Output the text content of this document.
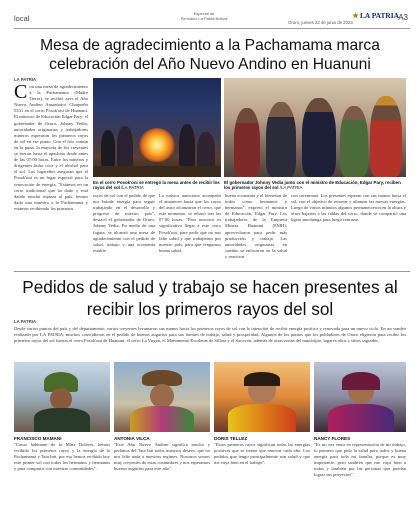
local
Especial de
Periódico La Patria Bolivia
Oruro, jueves 22 de junio de 2023
LA PATRIA A3
Mesa de agradecimiento a la Pachamama marca celebración del Año Nuevo Andino en Huanuni
LA PATRIA
Con una mesa de agradecimiento a la Pachamama (Madre Tierra), se recibió ayer el Año Nuevo Andino Amazónico Chaqueño 5531 en el cerro Posok'oni de Huanuni. El ministro de Educación Edgar Pary; el gobernador de Oruro, Johnny Vedia; autoridades originarias y trabajadores mineros esperaron los primeros rayos de sol en ese punto. Con el frío común en la puna, la mayoría de los creyentes se fueron hasta el apacheta desde antes de las 07:00 horas. Entre los mineros y dirigentes hubo coca y el alcohol para el sol. Los lugareños aseguran que el Posok'oni es un lugar especial para la renovación de energía. "Estamos en un cerro tradicional que ha dado y está dando mucha riqueza al país, hemos dado una muestra a la Pachamama y estamos recibiendo los primeros
En el cerro Posok'oni se entregó la mesa antes de recibir los rayos del sol /LA PATRIA
El gobernador Johnny Vedia junto con el ministro de Educación, Edgar Pary, reciben los primeros rayos del sol /LA PATRIA
rayos de sol con el pedido de que nos brinde energía para seguir trabajando en el desarrollo y progreso de nuestro país", destacó el gobernador de Oruro, Johnny Vedia. En medio de una fogata, se alcanzó una mesa de agradecimiento con el pedido de salud, trabajo y una economía estable.
La música autóctona acompañó el amanecer hasta que los rayos del astro alcanzaron el cerro, que este momento, se rebasó tras las 07:00 horas. "Para nosotros es significativo llegar a este cerro Posok'oni, para pedir que no nos falte salud y que trabajemos por nuestro país, para que tengamos buena salud,
buena economía y el bienestar de todos como hermanos y hermanas", expresó el ministro de Educación, Edgar Pary. Los trabajadores de la Empresa Minera Huanuni (EMH), aprovecharon para pedir más producción y trabajo. Las autoridades originarias en cambio se enfocaron en la salud y reactivar
con ceremonia. Los presentes esperan con sus manos hacia el sol, con el objetivo de renovar y afianzar las nuevas energías. Luego de varios minutos algunos permanecieron en la altura y otros bajaron a las faldas del cerro, donde se compartió una ligera muchanga para luego retirarse.
Pedidos de salud y trabajo se hacen presentes al recibir los primeros rayos del sol
LA PATRIA
Desde varios puntos del país y del departamento, varios creyentes levantaron sus manos hacia los primeros rayos de sol con la intención de recibir energía positiva y renovada para un nuevo ciclo. En un sondeo realizado por LA PATRIA, muchos coincidieron en el pedido de buenos augurios para sus fuentes de trabajo, salud y prosperidad. Algunos de los puntos que los pobladores de Oruro eligieron para recibir los primeros rayos del sol fueron el cerro Posok'oni de Huanuni, el cerro La Virgen, el Monumento Escaleras de Sillota y el Socavón, además de otras zonas del municipio, lugares altos y sitios sagrados.
FRANCISCO MAMANI
"Como habitante de la Mina Dolores, hemos recibido los primeros rayos y la energía de la Pachamama y Tata Inti, por eso hemos recibido hoy este primer sol con todos los hermanos y hermanas y para compartir con nuestras comunidades".
ANTONIA VILCA
"Este Año Nuevo Andino significa mucho y pedimos del Tata Inti todos nuestros deseos, que no nos falte nada a nuestros regimes. Nosotros somos muy creyentes de estas costumbres y nos esperamos buenos augurios para este año".
DORIS TELLEZ
"Estos primeros rayos significan todas las energías positivas que se tienen que renovar cada año. Los pedidos que tengo principalmente son salud y que me vaya bien en el trabajo".
NANCY FLORES
"Es mi vez venir en representación de mi trabajo, lo primero que pido la salud para todos y buena energía para toda mi familia, porque es muy importante, pero también que me vaya bien a todos y también por las personas que puedan lograr sus proyectos".
